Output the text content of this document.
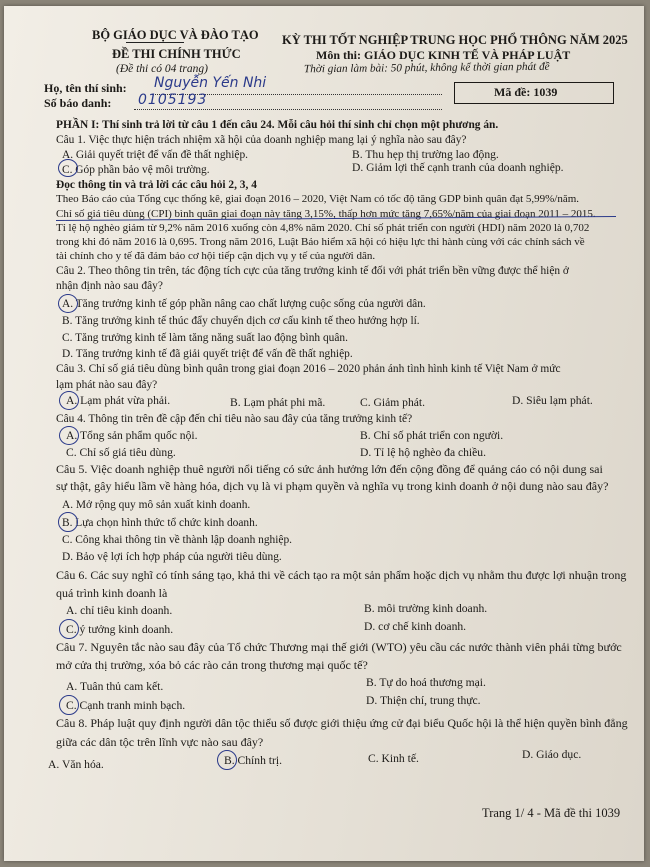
BỘ GIÁO DỤC VÀ ĐÀO TẠO
ĐỀ THI CHÍNH THỨC
(Đề thi có 04 trang)
KỲ THI TỐT NGHIỆP TRUNG HỌC PHỔ THÔNG NĂM 2025
Môn thi: GIÁO DỤC KINH TẾ VÀ PHÁP LUẬT
Thời gian làm bài: 50 phút, không kể thời gian phát đề
Họ, tên thí sinh: Nguyễn Yến Nhi
Số báo danh: 0105193	Mã đề: 1039
PHẦN I: Thí sinh trả lời từ câu 1 đến câu 24. Mỗi câu hỏi thí sinh chỉ chọn một phương án.
Câu 1. Việc thực hiện trách nhiệm xã hội của doanh nghiệp mang lại ý nghĩa nào sau đây?
A. Giải quyết triệt để vấn đề thất nghiệp.	B. Thu hẹp thị trường lao động.
C. Góp phần bảo vệ môi trường.	D. Giảm lợi thế cạnh tranh của doanh nghiệp.
Đọc thông tin và trả lời các câu hỏi 2, 3, 4
Theo Báo cáo của Tổng cục thống kê, giai đoạn 2016 – 2020, Việt Nam có tốc độ tăng GDP bình quân đạt 5,99%/năm.
Chỉ số giá tiêu dùng (CPI) bình quân giai đoạn này tăng 3,15%, thấp hơn mức tăng 7,65%/năm của giai đoạn 2011 – 2015.
Tỉ lệ hộ nghèo giảm từ 9,2% năm 2016 xuống còn 4,8% năm 2020. Chỉ số phát triển con người (HDI) năm 2020 là 0,702
trong khi đó năm 2016 là 0,695. Trong năm 2016, Luật Bảo hiểm xã hội có hiệu lực thi hành cùng với các chính sách về
tài chính cho y tế đã đảm bảo cơ hội tiếp cận dịch vụ y tế của người dân.
Câu 2. Theo thông tin trên, tác động tích cực của tăng trưởng kinh tế đối với phát triển bền vững được thể hiện ở
nhận định nào sau đây?
A. Tăng trưởng kinh tế góp phần nâng cao chất lượng cuộc sống của người dân.
B. Tăng trưởng kinh tế thúc đẩy chuyển dịch cơ cấu kinh tế theo hướng hợp lí.
C. Tăng trưởng kinh tế làm tăng năng suất lao động bình quân.
D. Tăng trưởng kinh tế đã giải quyết triệt để vấn đề thất nghiệp.
Câu 3. Chỉ số giá tiêu dùng bình quân trong giai đoạn 2016 – 2020 phản ánh tình hình kinh tế Việt Nam ở mức
lạm phát nào sau đây?
A. Lạm phát vừa phải.	B. Lạm phát phi mã.	C. Giảm phát.	D. Siêu lạm phát.
Câu 4. Thông tin trên đề cập đến chỉ tiêu nào sau đây của tăng trưởng kinh tế?
A. Tổng sản phẩm quốc nội.	B. Chỉ số phát triển con người.
C. Chỉ số giá tiêu dùng.	D. Tỉ lệ hộ nghèo đa chiều.
Câu 5. Việc doanh nghiệp thuê người nổi tiếng có sức ảnh hưởng lớn đến cộng đồng để quảng cáo có nội dung sai
sự thật, gây hiểu lầm về hàng hóa, dịch vụ là vi phạm quyền và nghĩa vụ trong kinh doanh ở nội dung nào sau đây?
A. Mở rộng quy mô sản xuất kinh doanh.
B. Lựa chọn hình thức tổ chức kinh doanh.
C. Công khai thông tin về thành lập doanh nghiệp.
D. Bảo vệ lợi ích hợp pháp của người tiêu dùng.
Câu 6. Các suy nghĩ có tính sáng tạo, khả thi về cách tạo ra một sản phẩm hoặc dịch vụ nhằm thu được lợi nhuận trong
quá trình kinh doanh là
A. chỉ tiêu kinh doanh.	B. môi trường kinh doanh.
C. ý tưởng kinh doanh.	D. cơ chế kinh doanh.
Câu 7. Nguyên tắc nào sau đây của Tổ chức Thương mại thế giới (WTO) yêu cầu các nước thành viên phải từng bước
mở cửa thị trường, xóa bỏ các rào cản trong thương mại quốc tế?
A. Tuân thủ cam kết.	B. Tự do hoá thương mại.
C. Cạnh tranh minh bạch.	D. Thiện chí, trung thực.
Câu 8. Pháp luật quy định người dân tộc thiểu số được giới thiệu ứng cử đại biểu Quốc hội là thể hiện quyền bình đẳng
giữa các dân tộc trên lĩnh vực nào sau đây?
A. Văn hóa.	B. Chính trị.	C. Kinh tế.	D. Giáo dục.
Trang 1/ 4 - Mã đề thi 1039
